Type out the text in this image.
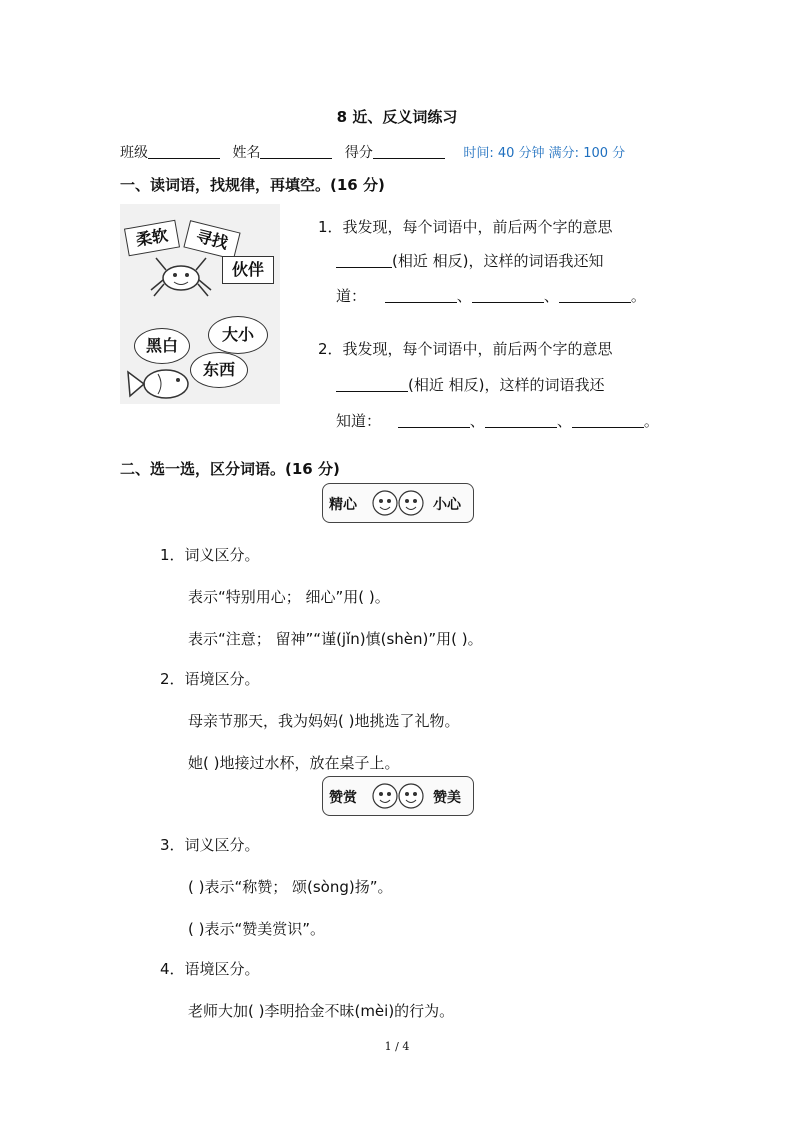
8 近、反义词练习
班级	姓名	得分	时间: 40 分钟 满分: 100 分
一、读词语，找规律，再填空。(16 分)
柔软	寻找
伙伴
黑白
大小
东西
1．我发现，每个词语中，前后两个字的意思
(相近 相反)，这样的词语我还知
道：	、	、	。
2．我发现，每个词语中，前后两个字的意思
(相近 相反)，这样的词语我还
知道：	、	、	。
二、选一选，区分词语。(16 分)
精心	小心
1．词义区分。
表示“特别用心； 细心”用( )。
表示“注意； 留神”“谨(jǐn)慎(shèn)”用( )。
2．语境区分。
母亲节那天，我为妈妈( )地挑选了礼物。
她( )地接过水杯，放在桌子上。
赞赏	赞美
3．词义区分。
( )表示“称赞； 颂(sòng)扬”。
( )表示“赞美赏识”。
4．语境区分。
老师大加( )李明拾金不昧(mèi)的行为。
1 / 4
